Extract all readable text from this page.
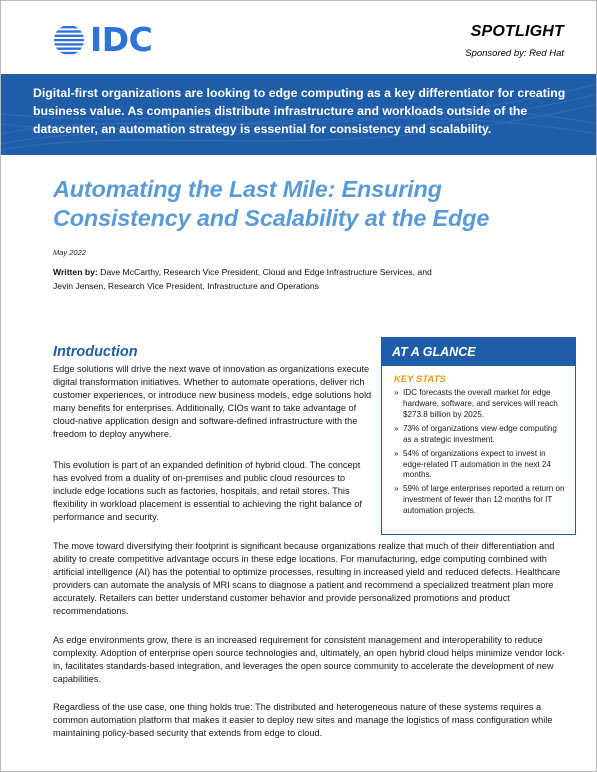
IDC	SPOTLIGHT
Sponsored by: Red Hat
Digital-first organizations are looking to edge computing as a key differentiator for creating business value. As companies distribute infrastructure and workloads outside of the datacenter, an automation strategy is essential for consistency and scalability.
Automating the Last Mile: Ensuring
Consistency and Scalability at the Edge
May 2022
Written by: Dave McCarthy, Research Vice President, Cloud and Edge Infrastructure Services, and
Jevin Jensen, Research Vice President, Infrastructure and Operations
Introduction

Edge solutions will drive the next wave of innovation as organizations execute digital transformation initiatives. Whether to automate operations, deliver rich customer experiences, or introduce new business models, edge solutions hold many benefits for enterprises. Additionally, CIOs want to take advantage of cloud-native application design and software-defined infrastructure with the freedom to deploy anywhere.

This evolution is part of an expanded definition of hybrid cloud. The concept has evolved from a duality of on-premises and public cloud resources to include edge locations such as factories, hospitals, and retail stores. This flexibility in workload placement is essential to achieving the right balance of performance and security.

The move toward diversifying their footprint is significant because organizations realize that much of their differentiation and ability to create competitive advantage occurs in these edge locations. For manufacturing, edge computing combined with artificial intelligence (AI) has the potential to optimize processes, resulting in increased yield and reduced defects. Healthcare providers can automate the analysis of MRI scans to diagnose a patient and recommend a specialized treatment plan more accurately. Retailers can better understand customer behavior and provide personalized promotions and product recommendations.

As edge environments grow, there is an increased requirement for consistent management and interoperability to reduce complexity. Adoption of enterprise open source technologies and, ultimately, an open hybrid cloud helps minimize vendor lock-in, facilitates standards-based integration, and leverages the open source community to accelerate the development of new capabilities.

Regardless of the use case, one thing holds true: The distributed and heterogeneous nature of these systems requires a common automation platform that makes it easier to deploy new sites and manage the logistics of mass configuration while maintaining policy-based security that extends from edge to cloud.

AT A GLANCE
KEY STATS
» IDC forecasts the overall market for edge hardware, software, and services will reach $273.8 billion by 2025.
» 73% of organizations view edge computing as a strategic investment.
» 54% of organizations expect to invest in edge-related IT automation in the next 24 months.
» 59% of large enterprises reported a return on investment of fewer than 12 months for IT automation projects.
